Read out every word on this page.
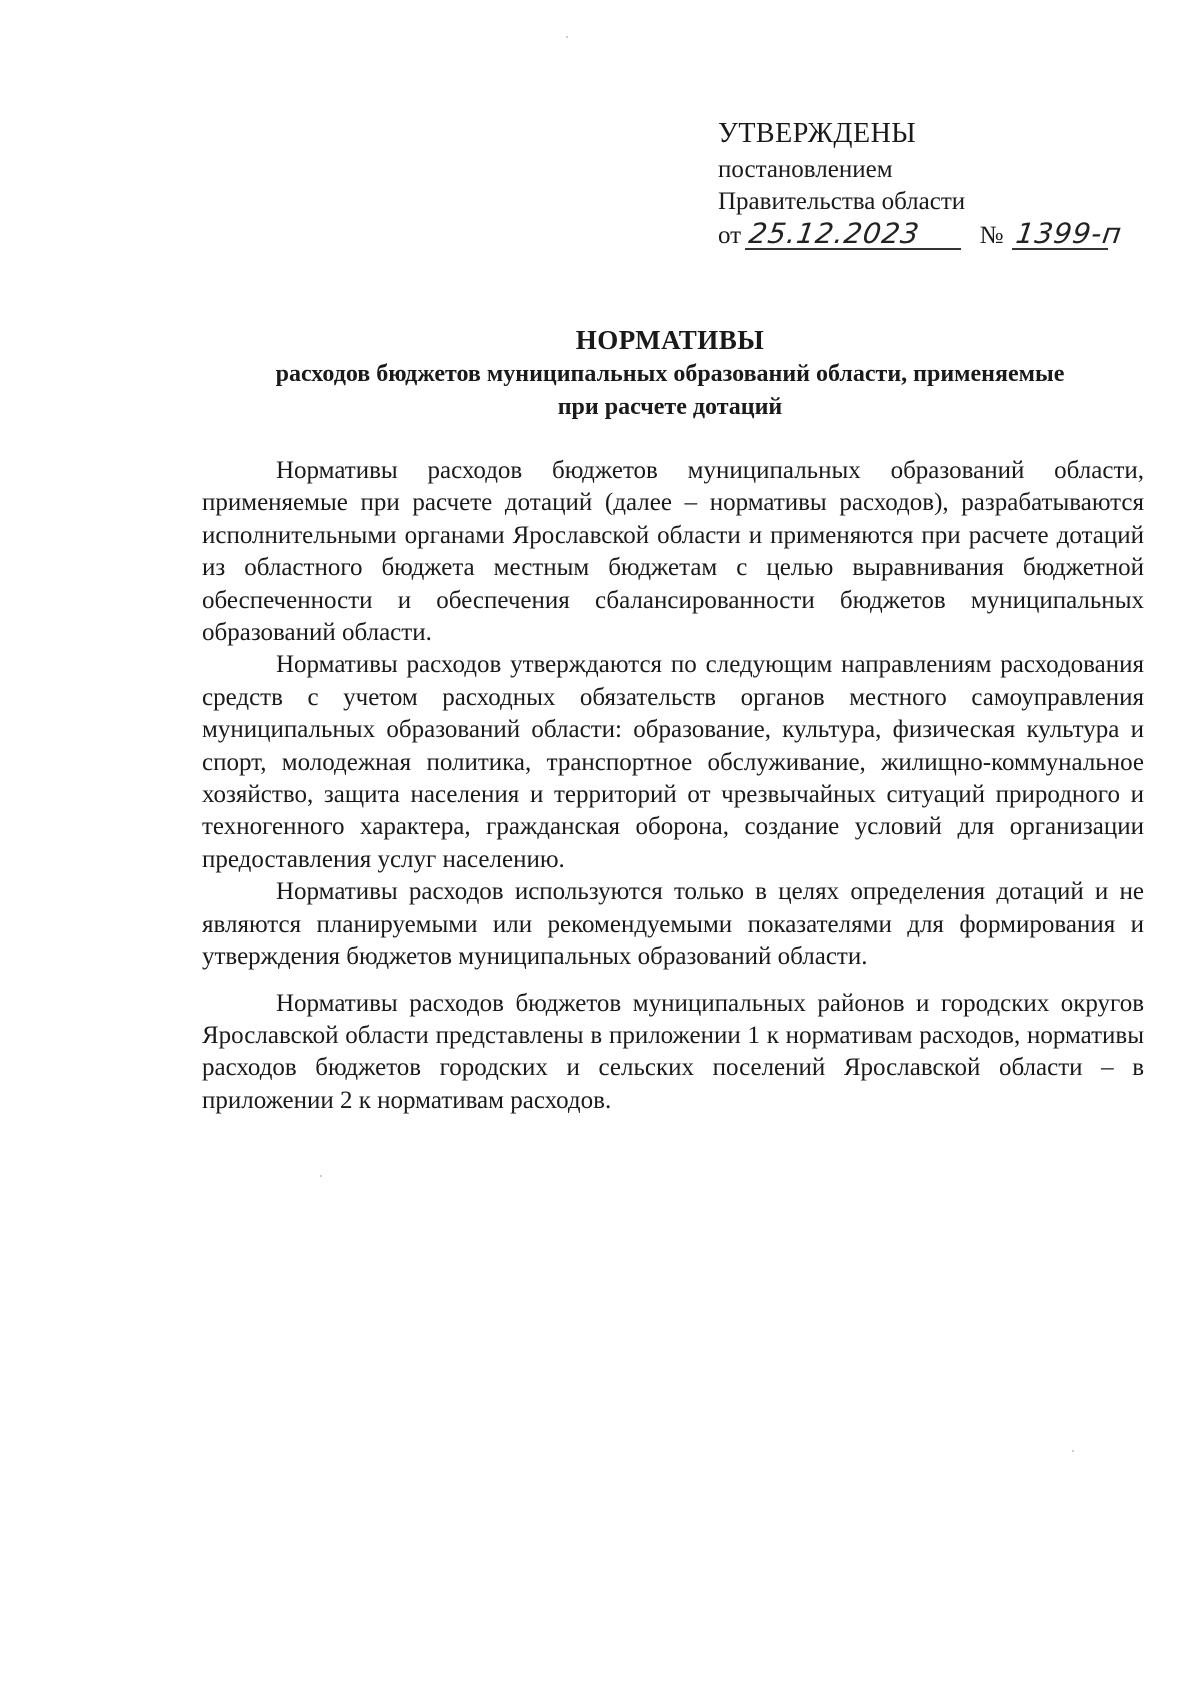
УТВЕРЖДЕНЫ
постановлением
Правительства области
от 25.12.2023 № 1399-п
НОРМАТИВЫ
расходов бюджетов муниципальных образований области, применяемые
при расчете дотаций

Нормативы расходов бюджетов муниципальных образований области, применяемые при расчете дотаций (далее – нормативы расходов), разрабатываются исполнительными органами Ярославской области и применяются при расчете дотаций из областного бюджета местным бюджетам с целью выравнивания бюджетной обеспеченности и обеспечения сбалансированности бюджетов муниципальных образований области.

Нормативы расходов утверждаются по следующим направлениям расходования средств с учетом расходных обязательств органов местного самоуправления муниципальных образований области: образование, культура, физическая культура и спорт, молодежная политика, транспортное обслуживание, жилищно-коммунальное хозяйство, защита населения и территорий от чрезвычайных ситуаций природного и техногенного характера, гражданская оборона, создание условий для организации предоставления услуг населению.

Нормативы расходов используются только в целях определения дотаций и не являются планируемыми или рекомендуемыми показателями для формирования и утверждения бюджетов муниципальных образований области.

Нормативы расходов бюджетов муниципальных районов и городских округов Ярославской области представлены в приложении 1 к нормативам расходов, нормативы расходов бюджетов городских и сельских поселений Ярославской области – в приложении 2 к нормативам расходов.
